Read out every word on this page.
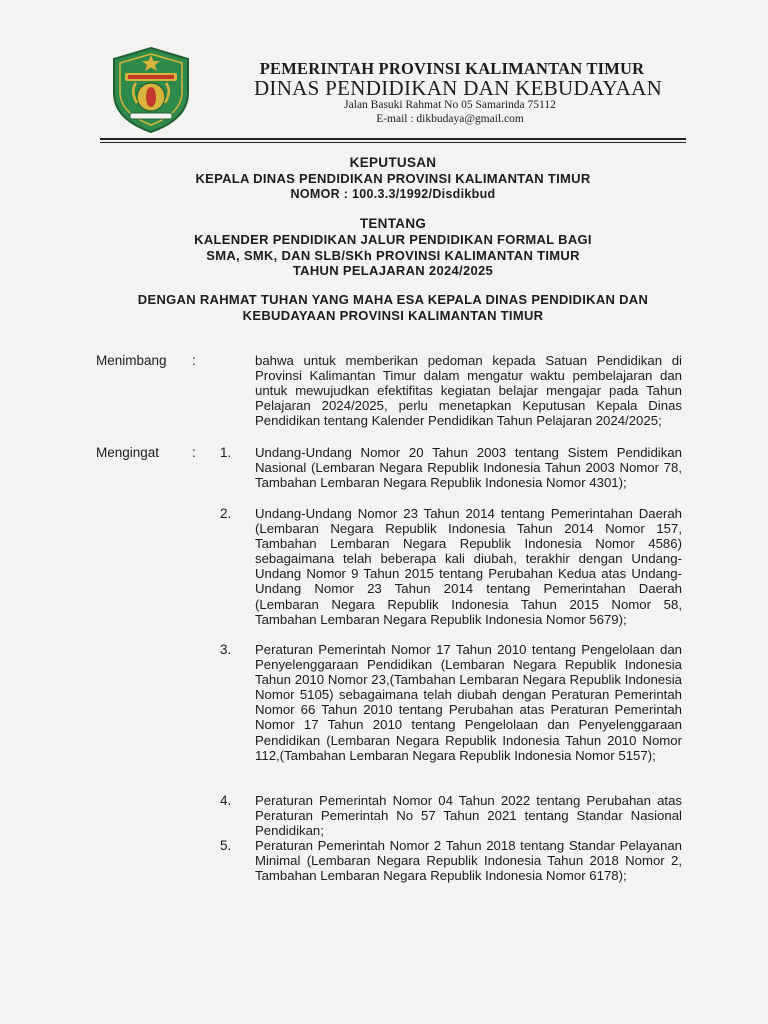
PEMERINTAH PROVINSI KALIMANTAN TIMUR
DINAS PENDIDIKAN DAN KEBUDAYAAN
Jalan Basuki Rahmat No 05 Samarinda 75112
E-mail : dikbudaya@gmail.com
KEPUTUSAN
KEPALA DINAS PENDIDIKAN PROVINSI KALIMANTAN TIMUR
NOMOR : 100.3.3/1992/Disdikbud
TENTANG
KALENDER PENDIDIKAN JALUR PENDIDIKAN FORMAL BAGI
SMA, SMK, DAN SLB/SKh PROVINSI KALIMANTAN TIMUR
TAHUN PELAJARAN 2024/2025
DENGAN RAHMAT TUHAN YANG MAHA ESA KEPALA DINAS PENDIDIKAN DAN
KEBUDAYAAN PROVINSI KALIMANTAN TIMUR
Menimbang :	bahwa untuk memberikan pedoman kepada Satuan Pendidikan di Provinsi Kalimantan Timur dalam mengatur waktu pembelajaran dan untuk mewujudkan efektifitas kegiatan belajar mengajar pada Tahun Pelajaran 2024/2025, perlu menetapkan Keputusan Kepala Dinas Pendidikan tentang Kalender Pendidikan Tahun Pelajaran 2024/2025;
Mengingat : 1. Undang-Undang Nomor 20 Tahun 2003 tentang Sistem Pendidikan Nasional (Lembaran Negara Republik Indonesia Tahun 2003 Nomor 78, Tambahan Lembaran Negara Republik Indonesia Nomor 4301);
2. Undang-Undang Nomor 23 Tahun 2014 tentang Pemerintahan Daerah (Lembaran Negara Republik Indonesia Tahun 2014 Nomor 157, Tambahan Lembaran Negara Republik Indonesia Nomor 4586) sebagaimana telah beberapa kali diubah, terakhir dengan Undang-Undang Nomor 9 Tahun 2015 tentang Perubahan Kedua atas Undang-Undang Nomor 23 Tahun 2014 tentang Pemerintahan Daerah (Lembaran Negara Republik Indonesia Tahun 2015 Nomor 58, Tambahan Lembaran Negara Republik Indonesia Nomor 5679);
3. Peraturan Pemerintah Nomor 17 Tahun 2010 tentang Pengelolaan dan Penyelenggaraan Pendidikan (Lembaran Negara Republik Indonesia Tahun 2010 Nomor 23,(Tambahan Lembaran Negara Republik Indonesia Nomor 5105) sebagaimana telah diubah dengan Peraturan Pemerintah Nomor 66 Tahun 2010 tentang Perubahan atas Peraturan Pemerintah Nomor 17 Tahun 2010 tentang Pengelolaan dan Penyelenggaraan Pendidikan (Lembaran Negara Republik Indonesia Tahun 2010 Nomor 112,(Tambahan Lembaran Negara Republik Indonesia Nomor 5157);
4. Peraturan Pemerintah Nomor 04 Tahun 2022 tentang Perubahan atas Peraturan Pemerintah No 57 Tahun 2021 tentang Standar Nasional Pendidikan;
5. Peraturan Pemerintah Nomor 2 Tahun 2018 tentang Standar Pelayanan Minimal (Lembaran Negara Republik Indonesia Tahun 2018 Nomor 2, Tambahan Lembaran Negara Republik Indonesia Nomor 6178);
